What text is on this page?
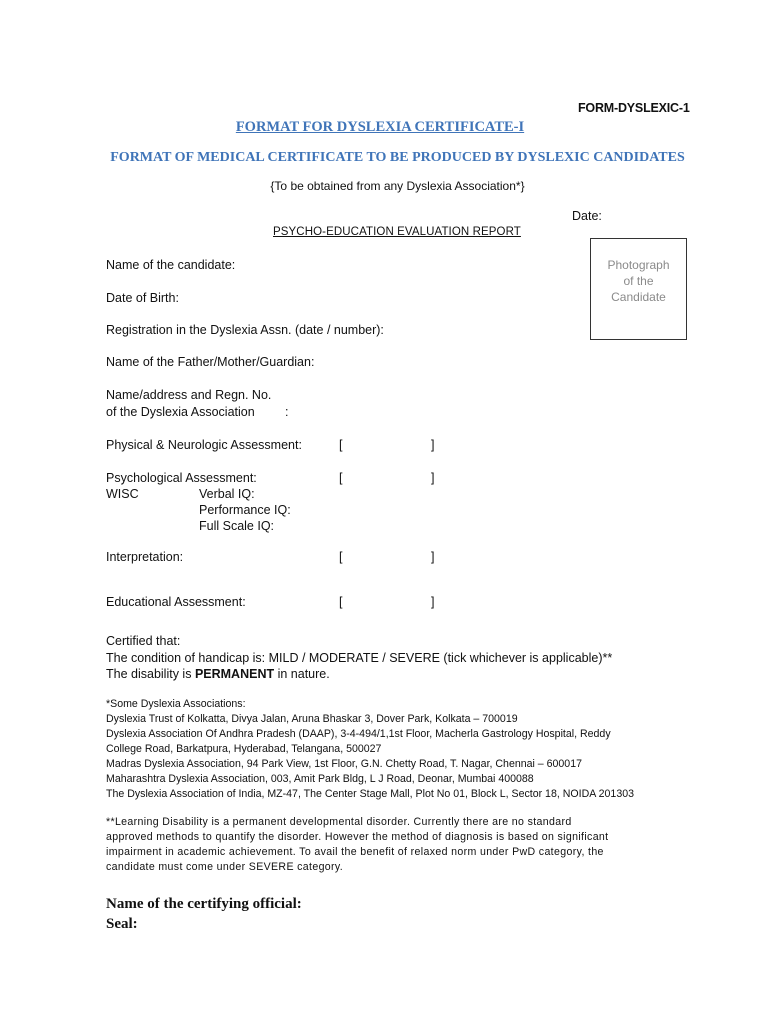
FORM-DYSLEXIC-1
FORMAT FOR DYSLEXIA CERTIFICATE-I
FORMAT OF MEDICAL CERTIFICATE TO BE PRODUCED BY DYSLEXIC CANDIDATES
{To be obtained from any Dyslexia Association*}
Date:
PSYCHO-EDUCATION EVALUATION REPORT
Photograph
of the
Candidate
Name of the candidate:
Date of Birth:
Registration in the Dyslexia Assn. (date / number):
Name of the Father/Mother/Guardian:
Name/address and Regn. No.
of the Dyslexia Association :
Physical & Neurologic Assessment:	[	]
Psychological Assessment:	[	]
WISC	Verbal IQ:
Performance IQ:
Full Scale IQ:
Interpretation:	[	]
Educational Assessment:	[	]
Certified that:
The condition of handicap is: MILD / MODERATE / SEVERE (tick whichever is applicable)**
The disability is PERMANENT in nature.
*Some Dyslexia Associations:
Dyslexia Trust of Kolkatta, Divya Jalan, Aruna Bhaskar 3, Dover Park, Kolkata – 700019
Dyslexia Association Of Andhra Pradesh (DAAP), 3-4-494/1,1st Floor, Macherla Gastrology Hospital, Reddy
College Road, Barkatpura, Hyderabad, Telangana, 500027
Madras Dyslexia Association, 94 Park View, 1st Floor, G.N. Chetty Road, T. Nagar, Chennai – 600017
Maharashtra Dyslexia Association, 003, Amit Park Bldg, L J Road, Deonar, Mumbai 400088
The Dyslexia Association of India, MZ-47, The Center Stage Mall, Plot No 01, Block L, Sector 18, NOIDA 201303
**Learning Disability is a permanent developmental disorder. Currently there are no standard
approved methods to quantify the disorder. However the method of diagnosis is based on significant
impairment in academic achievement. To avail the benefit of relaxed norm under PwD category, the
candidate must come under SEVERE category.
Name of the certifying official:
Seal:
